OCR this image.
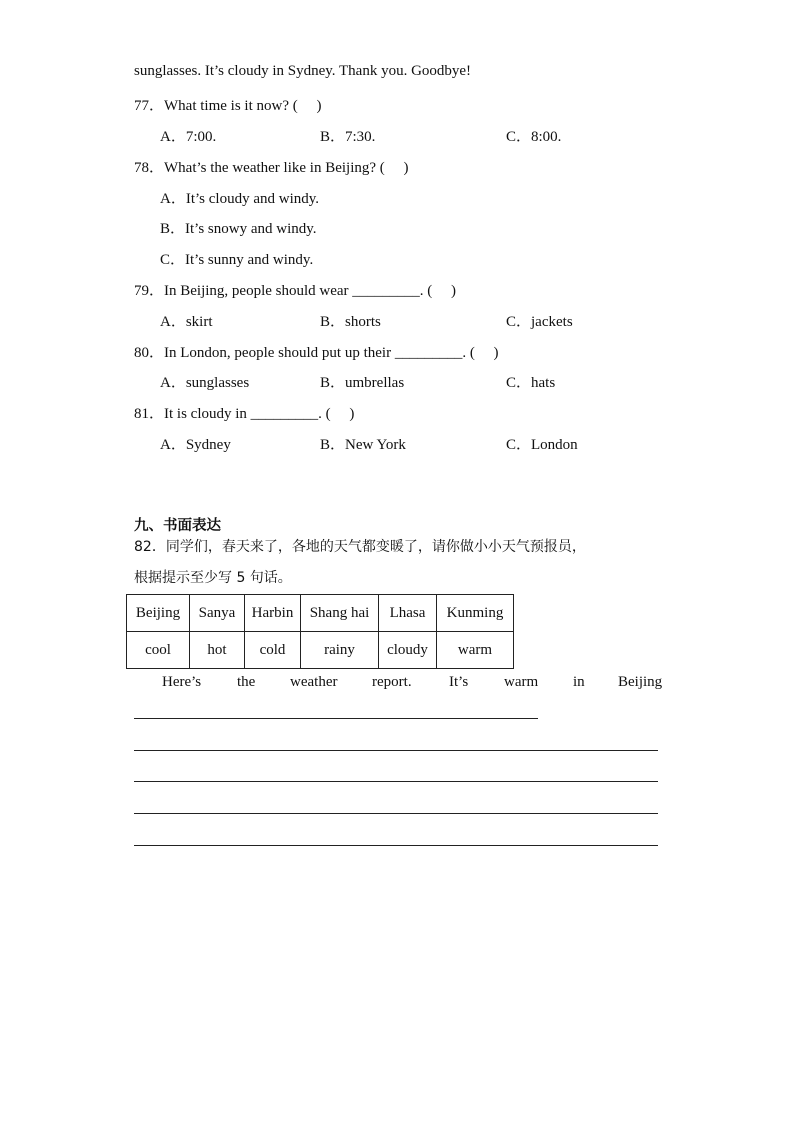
sunglasses. It’s cloudy in Sydney. Thank you. Goodbye!
77．What time is it now? (　 )
A．7:00.	B．7:30.	C．8:00.
78．What’s the weather like in Beijing? (　 )
A．It’s cloudy and windy.
B．It’s snowy and windy.
C．It’s sunny and windy.
79．In Beijing, people should wear _________. (　 )
A．skirt	B．shorts	C．jackets
80．In London, people should put up their _________. (　 )
A．sunglasses	B．umbrellas	C．hats
81．It is cloudy in _________. (　 )
A．Sydney	B．New York	C．London
九、书面表达
82．同学们，春天来了，各地的天气都变暖了，请你做小小天气预报员，
根据提示至少写 5 句话。
Beijing	Sanya	Harbin	Shang hai	Lhasa	Kunming
cool	hot	cold	rainy	cloudy	warm
Here’s the weather report. It’s warm in Beijing
